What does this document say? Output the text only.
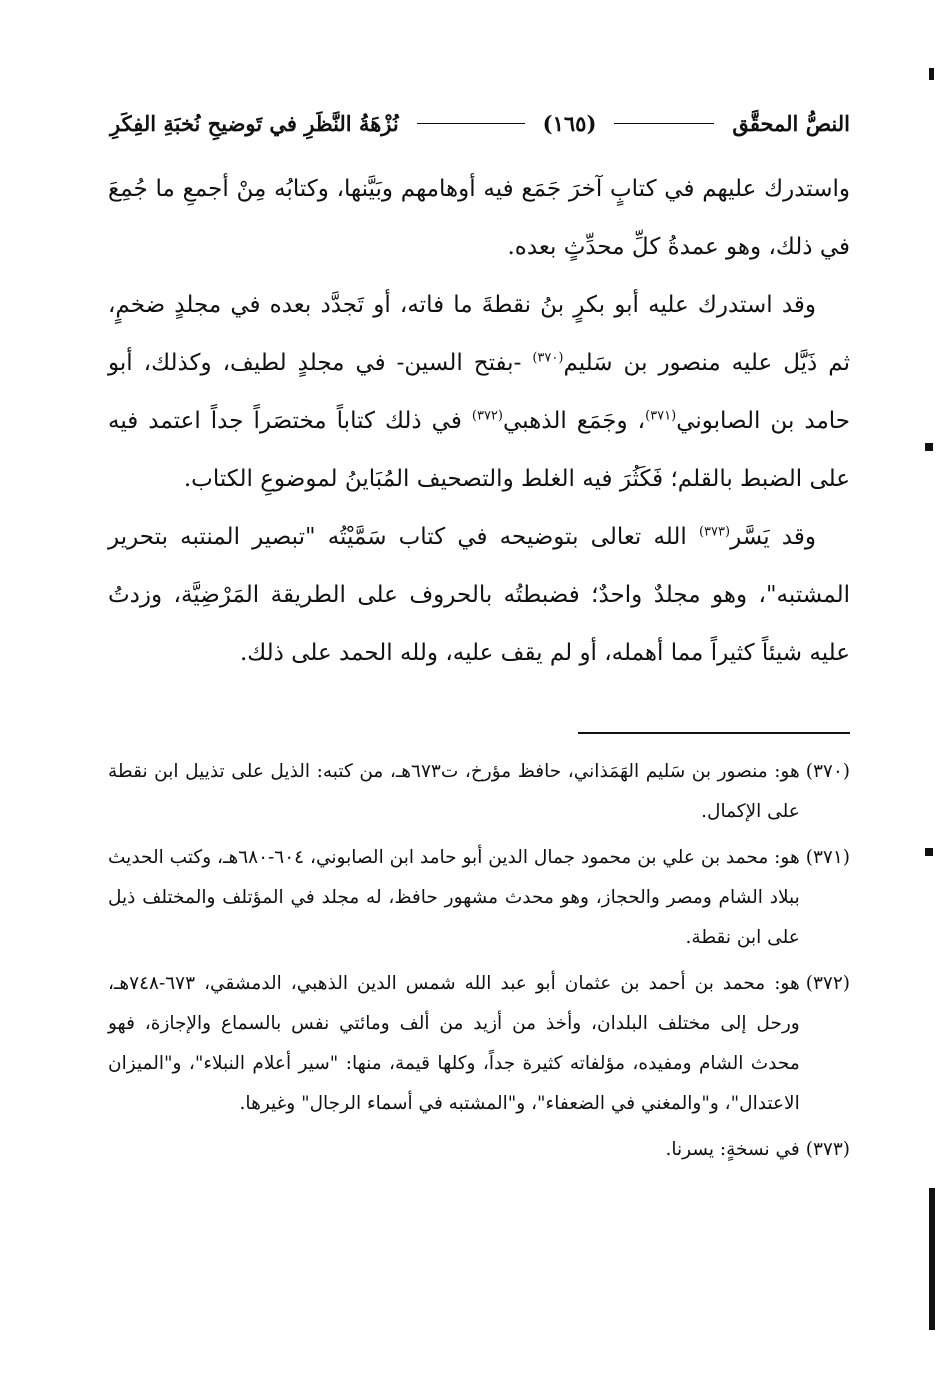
النصُّ المحقَّق
(١٦٥)
نُزْهَةُ النَّظَرِ في تَوضيحِ نُخبَةِ الفِكَرِ

واستدرك عليهم في كتابٍ آخرَ جَمَع فيه أوهامهم وبَيَّنها، وكتابُه مِنْ أجمعِ ما جُمِعَ في ذلك، وهو عمدةُ كلِّ محدِّثٍ بعده.

وقد استدرك عليه أبو بكرٍ بنُ نقطةَ ما فاته، أو تَجدَّد بعده في مجلدٍ ضخمٍ، ثم ذَيَّل عليه منصور بن سَليم$^{(٣٧٠)}$ -بفتح السين- في مجلدٍ لطيف، وكذلك، أبو حامد بن الصابوني$^{(٣٧١)}$، وجَمَع الذهبي$^{(٣٧٢)}$ في ذلك كتاباً مختصَراً جداً اعتمد فيه على الضبط بالقلم؛ فَكَثُرَ فيه الغلط والتصحيف المُبَاينُ لموضوعِ الكتاب.

وقد يَسَّر$^{(٣٧٣)}$ الله تعالى بتوضيحه في كتاب سَمَّيْتُه "تبصير المنتبه بتحرير المشتبه"، وهو مجلدٌ واحدٌ؛ فضبطتُه بالحروف على الطريقة المَرْضِيَّة، وزدتُ عليه شيئاً كثيراً مما أهمله، أو لم يقف عليه، ولله الحمد على ذلك.

(٣٧٠)
هو: منصور بن سَليم الهَمَذاني، حافظ مؤرخ، ت٦٧٣هـ، من كتبه: الذيل على تذييل ابن نقطة على الإكمال.
(٣٧١)
هو: محمد بن علي بن محمود جمال الدين أبو حامد ابن الصابوني، ٦٠٤-٦٨٠هـ، وكتب الحديث ببلاد الشام ومصر والحجاز، وهو محدث مشهور حافظ، له مجلد في المؤتلف والمختلف ذيل على ابن نقطة.
(٣٧٢)
هو: محمد بن أحمد بن عثمان أبو عبد الله شمس الدين الذهبي، الدمشقي، ٦٧٣-٧٤٨هـ، ورحل إلى مختلف البلدان، وأخذ من أزيد من ألف ومائتي نفس بالسماع والإجازة، فهو محدث الشام ومفيده، مؤلفاته كثيرة جداً، وكلها قيمة، منها: "سير أعلام النبلاء"، و"الميزان الاعتدال"، و"والمغني في الضعفاء"، و"المشتبه في أسماء الرجال" وغيرها.
(٣٧٣)
في نسخةٍ: يسرنا.
